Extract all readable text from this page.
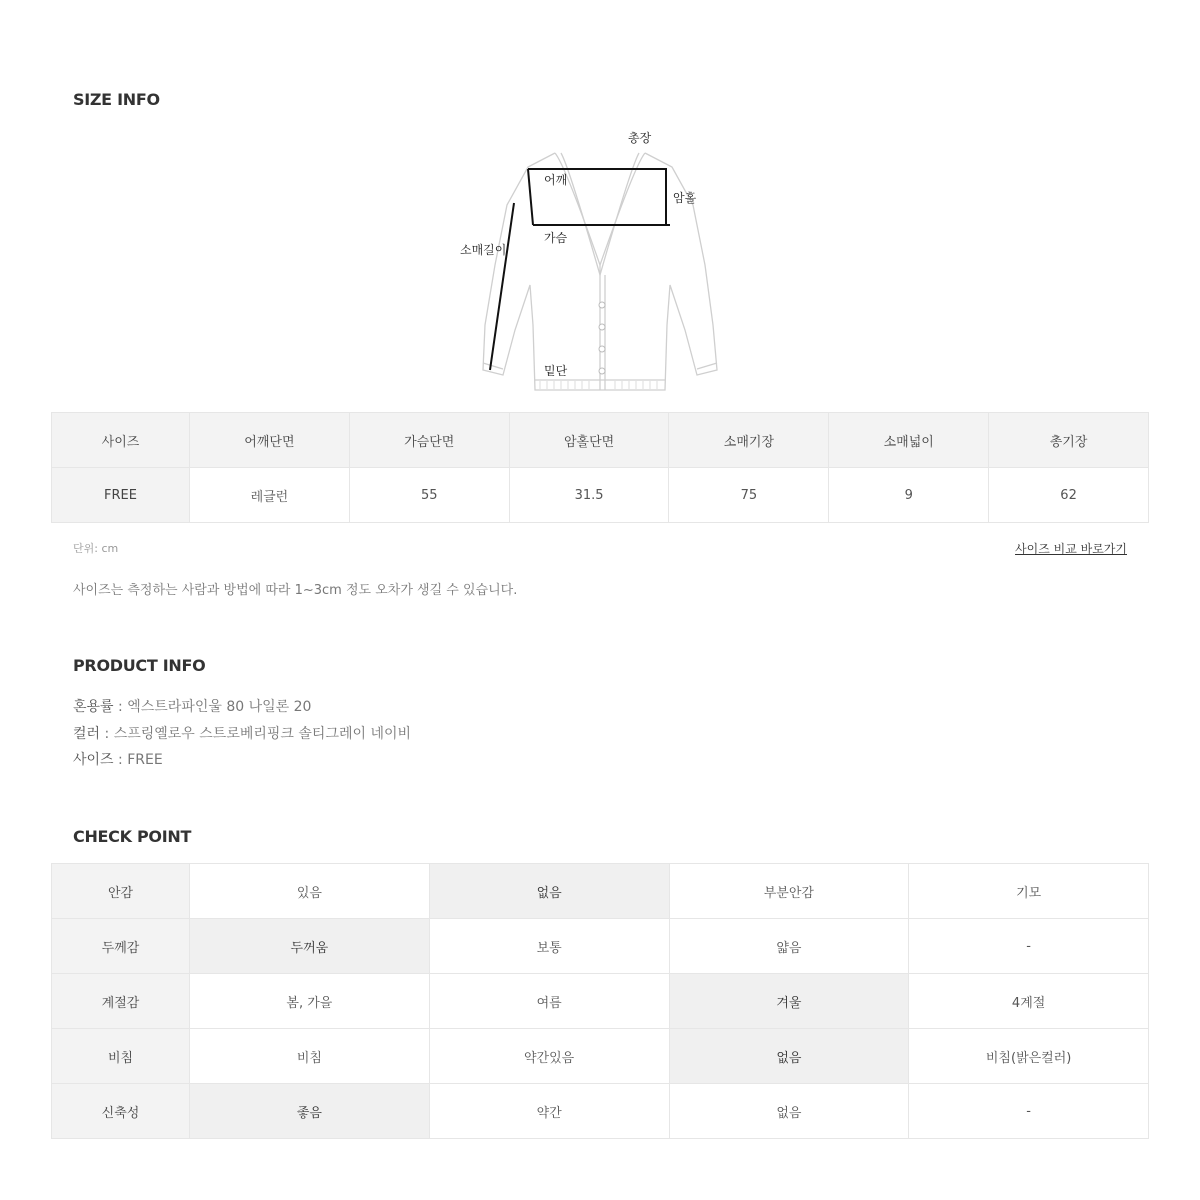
SIZE INFO
총장
어깨
암홀
소매길이
가슴
밑단
사이즈	어깨단면	가슴단면	암홀단면	소매기장	소매넓이	총기장
FREE	레글런	55	31.5	75	9	62
단위: cm	사이즈 비교 바로가기
사이즈는 측정하는 사람과 방법에 따라 1~3cm 정도 오차가 생길 수 있습니다.
PRODUCT INFO
혼용률 : 엑스트라파인울 80 나일론 20
컬러 : 스프링옐로우 스트로베리핑크 솔티그레이 네이비
사이즈 : FREE
CHECK POINT
안감	있음	없음	부분안감	기모
두께감	두꺼움	보통	얇음	-
계절감	봄, 가을	여름	겨울	4계절
비침	비침	약간있음	없음	비침(밝은컬러)
신축성	좋음	약간	없음	-
